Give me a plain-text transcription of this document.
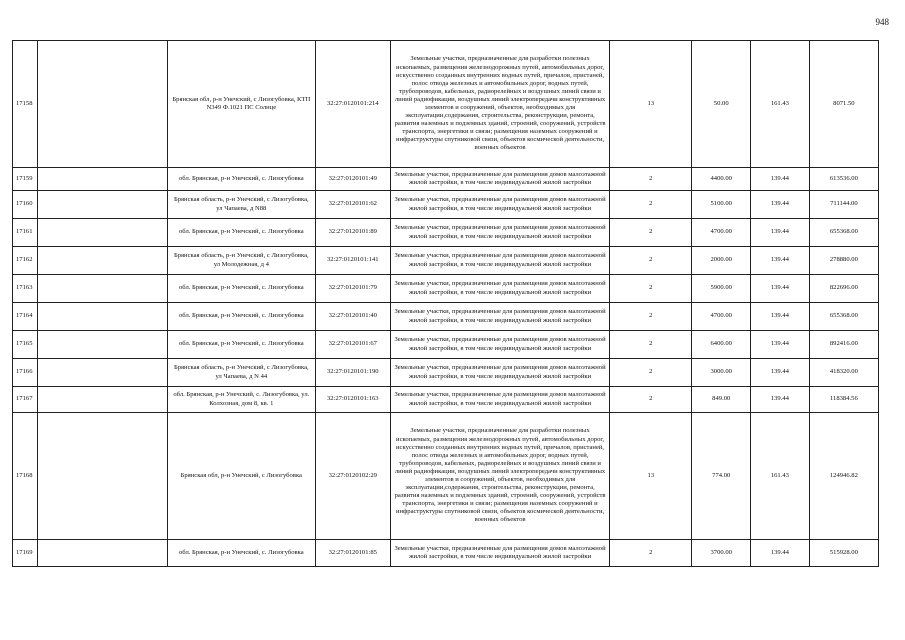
948
17158		Брянская обл, р-н Унечский, с Лизогубовка, КТП N349 Ф.1021 ПС Солнце	32:27:0120101:214	Земельные участки, предназначенные для разработки полезных ископаемых, размещения железнодорожных путей, автомобильных дорог, искусственно созданных внутренних водных путей, причалов, пристаней, полос отвода железных и автомобильных дорог, водных путей, трубопроводов, кабельных, радиорелейных и воздушных линий связи и линий радиофикации, воздушных линий электропередачи конструктивных элементов и сооружений, объектов, необходимых для эксплуатации,содержания, строительства, реконструкции, ремонта, развития наземных и подземных зданий, строений, сооружений, устройств транспорта, энергетики и связи; размещения наземных сооружений и инфраструктуры спутниковой связи, объектов космической деятельности, военных объектов	13	50.00	161.43	8071.50
17159		обл. Брянская, р-н Унечский, с. Лизогубовка	32:27:0120101:49	Земельные участки, предназначенные для размещения домов малоэтажной жилой застройки, в том числе индивидуальной жилой застройки	2	4400.00	139.44	613536.00
17160		Брянская область, р-н Унечский, с Лизогубовка, ул Чапаева, д N88	32:27:0120101:62	Земельные участки, предназначенные для размещения домов малоэтажной жилой застройки, в том числе индивидуальной жилой застройки	2	5100.00	139.44	711144.00
17161		обл. Брянская, р-н Унечский, с. Лизогубовка	32:27:0120101:89	Земельные участки, предназначенные для размещения домов малоэтажной жилой застройки, в том числе индивидуальной жилой застройки	2	4700.00	139.44	655368.00
17162		Брянская область, р-н Унечский, с Лизогубовка, ул Молодежная, д 4	32:27:0120101:141	Земельные участки, предназначенные для размещения домов малоэтажной жилой застройки, в том числе индивидуальной жилой застройки	2	2000.00	139.44	278880.00
17163		обл. Брянская, р-н Унечский, с. Лизогубовка	32:27:0120101:79	Земельные участки, предназначенные для размещения домов малоэтажной жилой застройки, в том числе индивидуальной жилой застройки	2	5900.00	139.44	822696.00
17164		обл. Брянская, р-н Унечский, с. Лизогубовка	32:27:0120101:40	Земельные участки, предназначенные для размещения домов малоэтажной жилой застройки, в том числе индивидуальной жилой застройки	2	4700.00	139.44	655368.00
17165		обл. Брянская, р-н Унечский, с. Лизогубовка	32:27:0120101:67	Земельные участки, предназначенные для размещения домов малоэтажной жилой застройки, в том числе индивидуальной жилой застройки	2	6400.00	139.44	892416.00
17166		Брянская область, р-н Унечский, с Лизогубовка, ул Чапаева, д N 44	32:27:0120101:190	Земельные участки, предназначенные для размещения домов малоэтажной жилой застройки, в том числе индивидуальной жилой застройки	2	3000.00	139.44	418320.00
17167		обл. Брянская, р-н Унечский, с. Лизогубовка, ул. Колхозная, дом 8, кв. 1	32:27:0120101:163	Земельные участки, предназначенные для размещения домов малоэтажной жилой застройки, в том числе индивидуальной жилой застройки	2	849.00	139.44	118384.56
17168		Брянская обл, р-н Унечский, с Лизогубовка	32:27:0120102:29	Земельные участки, предназначенные для разработки полезных ископаемых, размещения железнодорожных путей, автомобильных дорог, искусственно созданных внутренних водных путей, причалов, пристаней, полос отвода железных и автомобильных дорог, водных путей, трубопроводов, кабельных, радиорелейных и воздушных линий связи и линий радиофикации, воздушных линий электропередачи конструктивных элементов и сооружений, объектов, необходимых для эксплуатации,содержания, строительства, реконструкции, ремонта, развития наземных и подземных зданий, строений, сооружений, устройств транспорта, энергетики и связи; размещения наземных сооружений и инфраструктуры спутниковой связи, объектов космической деятельности, военных объектов	13	774.00	161.43	124946.82
17169		обл. Брянская, р-н Унечский, с. Лизогубовка	32:27:0120101:85	Земельные участки, предназначенные для размещения домов малоэтажной жилой застройки, в том числе индивидуальной жилой застройки	2	3700.00	139.44	515928.00
